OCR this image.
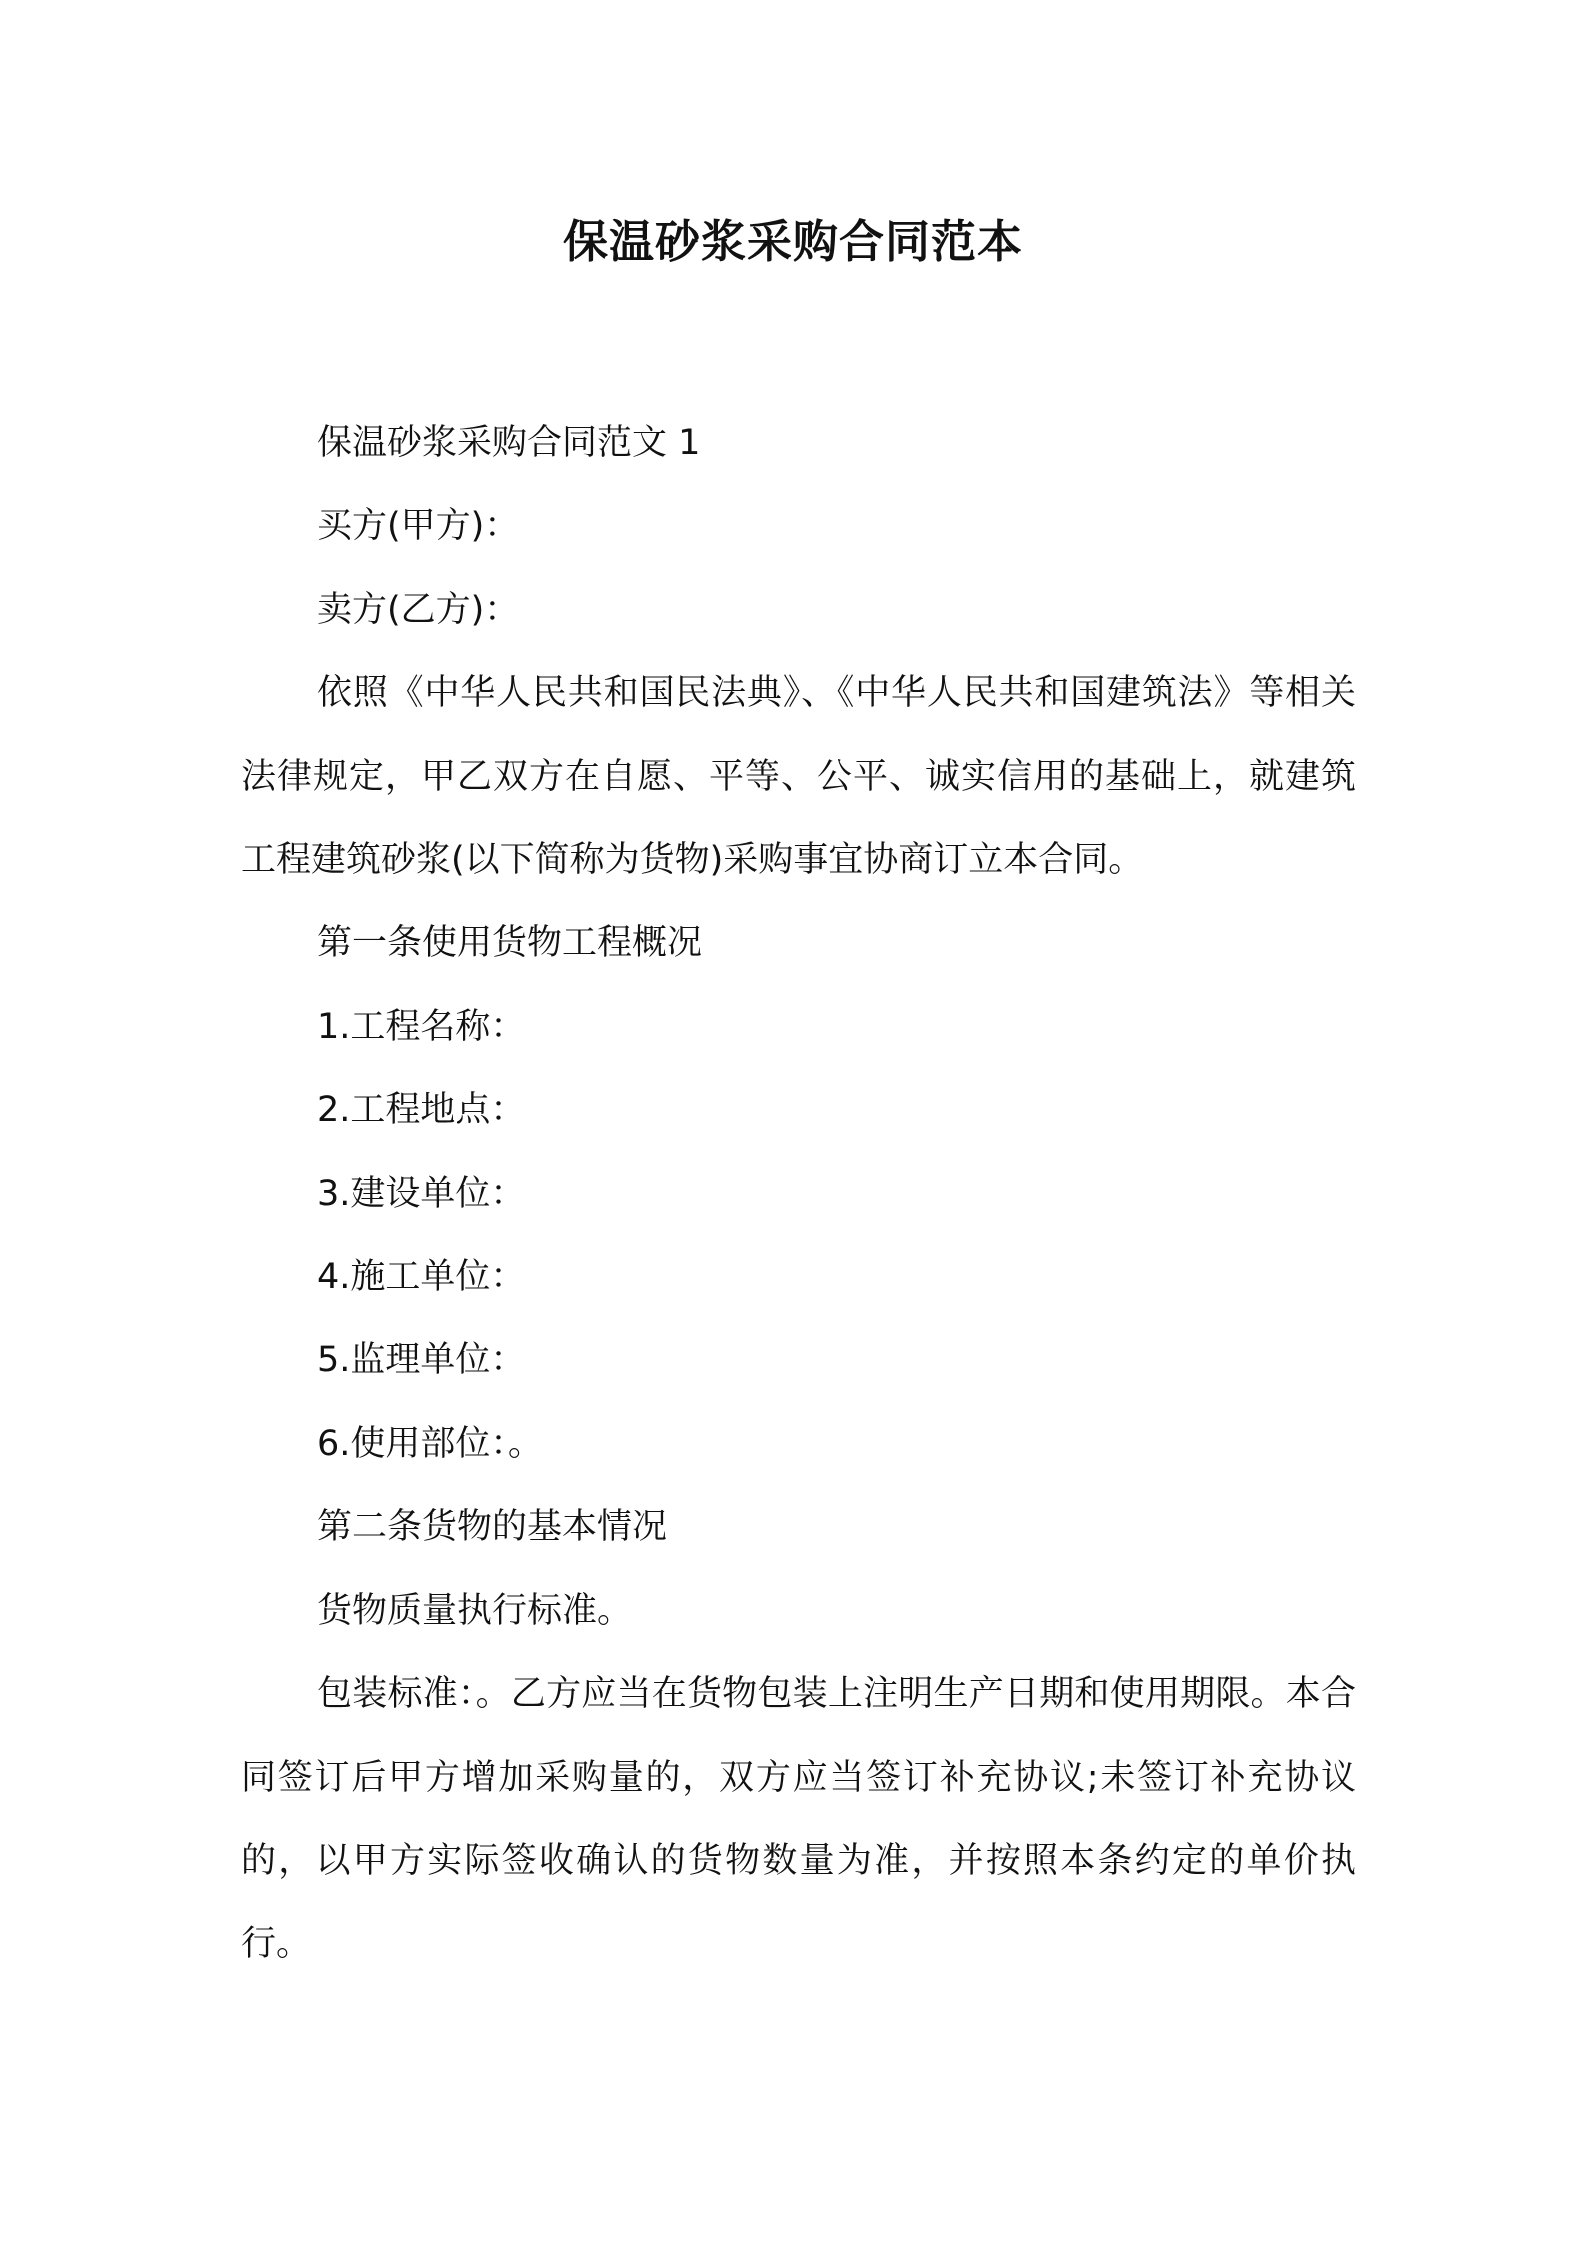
保温砂浆采购合同范本

保温砂浆采购合同范文 1

买方(甲方)：

卖方(乙方)：

依照《中华人民共和国民法典》、《中华人民共和国建筑法》等相关法律规定，甲乙双方在自愿、平等、公平、诚实信用的基础上，就建筑工程建筑砂浆(以下简称为货物)采购事宜协商订立本合同。

第一条使用货物工程概况

1.工程名称：

2.工程地点：

3.建设单位：

4.施工单位：

5.监理单位：

6.使用部位：。

第二条货物的基本情况

货物质量执行标准。

包装标准：。乙方应当在货物包装上注明生产日期和使用期限。本合同签订后甲方增加采购量的，双方应当签订补充协议;未签订补充协议的，以甲方实际签收确认的货物数量为准，并按照本条约定的单价执行。
